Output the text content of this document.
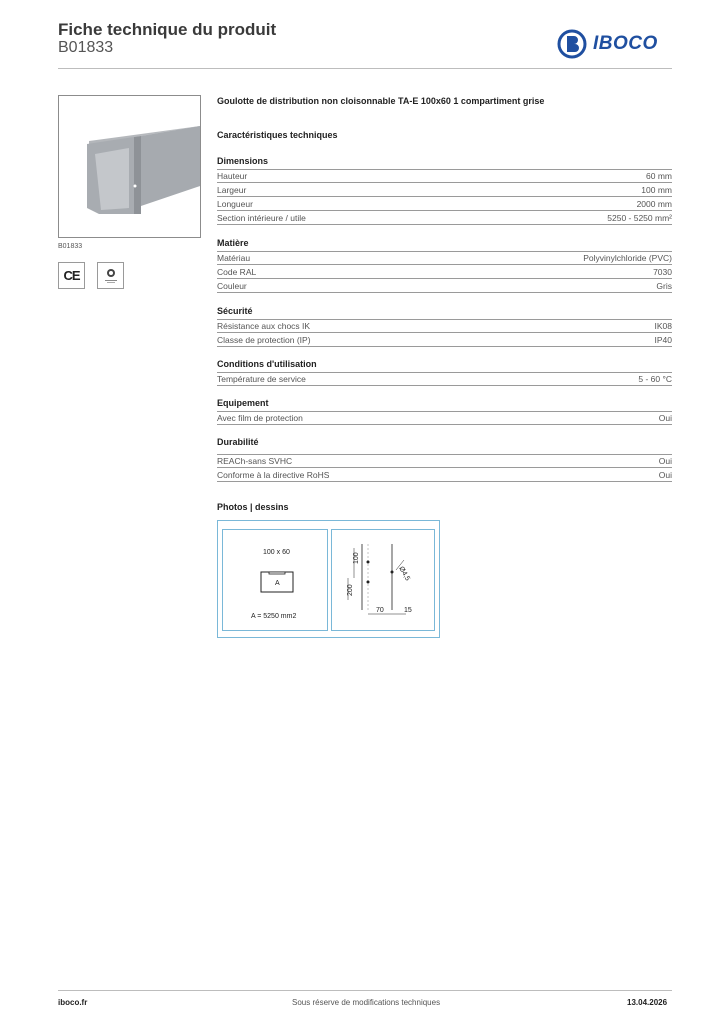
Fiche technique du produit
B01833	IBOCO
B01833
CE
Goulotte de distribution non cloisonnable TA-E 100x60 1 compartiment grise
Caractéristiques techniques
Dimensions
Hauteur	60 mm
Largeur	100 mm
Longueur	2000 mm
Section intérieure / utile	5250 - 5250 mm²
Matière
Matériau	Polyvinylchloride (PVC)
Code RAL	7030
Couleur	Gris
Sécurité
Résistance aux chocs IK	IK08
Classe de protection (IP)	IP40
Conditions d'utilisation
Température de service	5 - 60 °C
Equipement
Avec film de protection	Oui
Durabilité
REACh-sans SVHC	Oui
Conforme à la directive RoHS	Oui
Photos | dessins
100 x 60
A
A = 5250 mm2
100
200
Ø4,5
70	15
iboco.fr	Sous réserve de modifications techniques	13.04.2026
